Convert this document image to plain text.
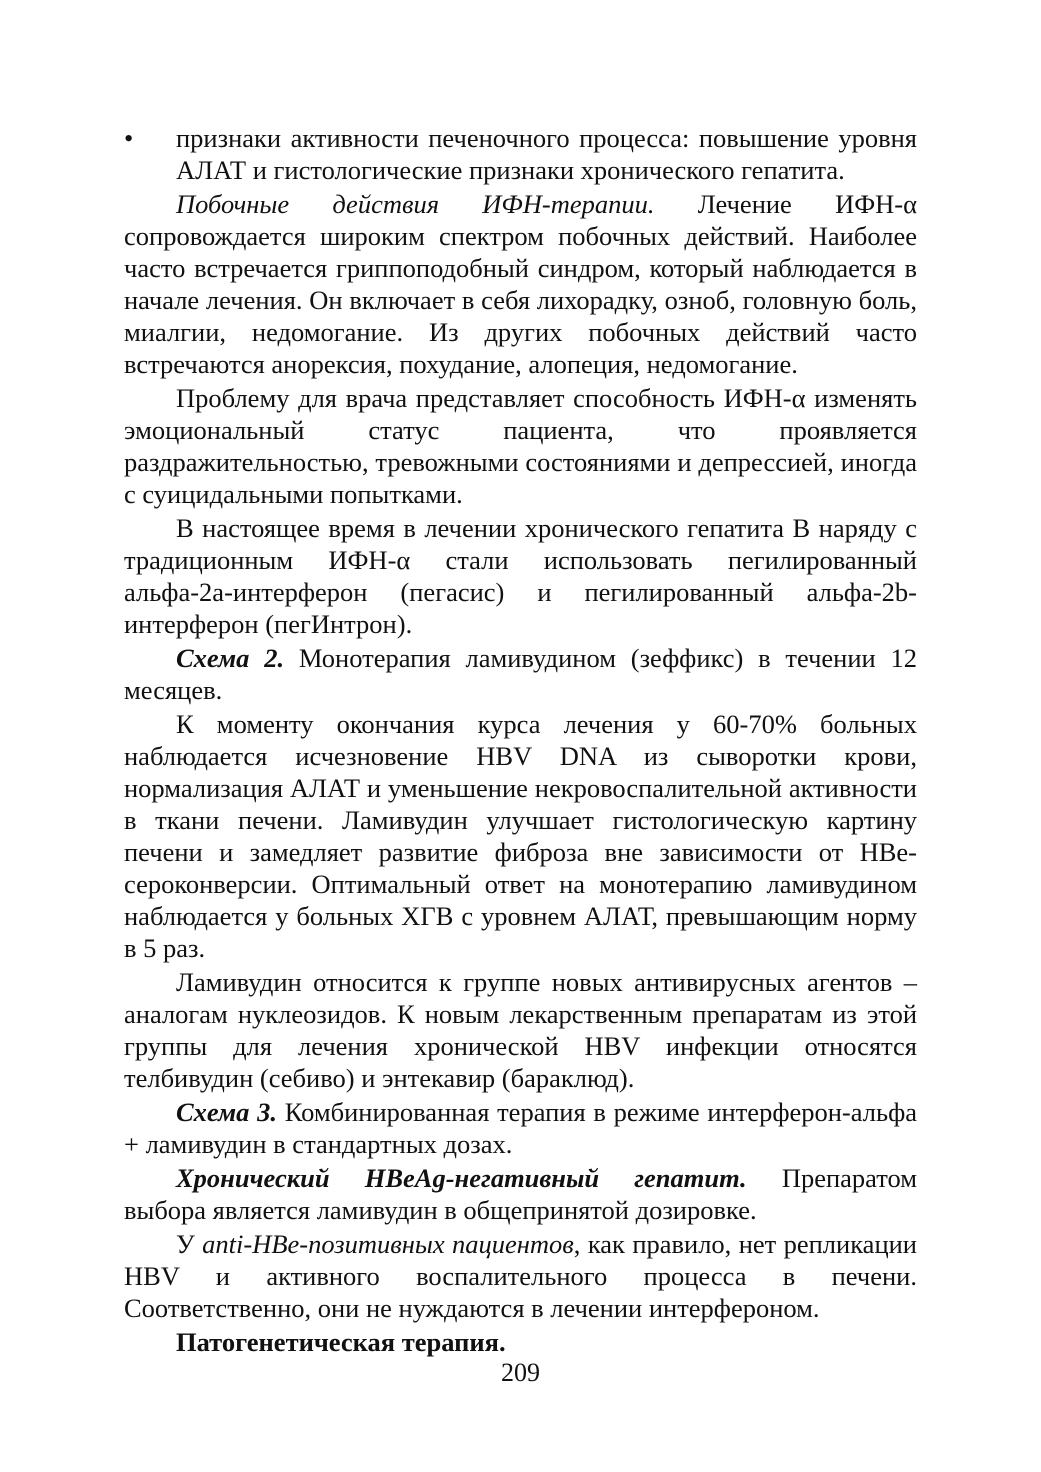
• признаки активности печеночного процесса: повышение уровня АЛАТ и гистологические признаки хронического гепатита.

Побочные действия ИФН-терапии. Лечение ИФН-α сопровождается широким спектром побочных действий. Наиболее часто встречается гриппоподобный синдром, который наблюдается в начале лечения. Он включает в себя лихорадку, озноб, головную боль, миалгии, недомогание. Из других побочных действий часто встречаются анорексия, похудание, алопеция, недомогание.

Проблему для врача представляет способность ИФН-α изменять эмоциональный статус пациента, что проявляется раздражительностью, тревожными состояниями и депрессией, иногда с суицидальными попытками.

В настоящее время в лечении хронического гепатита В наряду с традиционным ИФН-α стали использовать пегилированный альфа-2а-интерферон (пегасис) и пегилированный альфа-2b-интерферон (пегИнтрон).

Схема 2. Монотерапия ламивудином (зеффикс) в течении 12 месяцев.

К моменту окончания курса лечения у 60-70% больных наблюдается исчезновение HBV DNA из сыворотки крови, нормализация АЛАТ и уменьшение некровоспалительной активности в ткани печени. Ламивудин улучшает гистологическую картину печени и замедляет развитие фиброза вне зависимости от HBe-сероконверсии. Оптимальный ответ на монотерапию ламивудином наблюдается у больных ХГВ с уровнем АЛАТ, превышающим норму в 5 раз.

Ламивудин относится к группе новых антивирусных агентов – аналогам нуклеозидов. К новым лекарственным препаратам из этой группы для лечения хронической HBV инфекции относятся телбивудин (себиво) и энтекавир (бараклюд).

Схема 3. Комбинированная терапия в режиме интерферон-альфа + ламивудин в стандартных дозах.

Хронический HBeAg-негативный гепатит. Препаратом выбора является ламивудин в общепринятой дозировке.

У anti-HBe-позитивных пациентов, как правило, нет репликации HBV и активного воспалительного процесса в печени. Соответственно, они не нуждаются в лечении интерфероном.

Патогенетическая терапия.

209
